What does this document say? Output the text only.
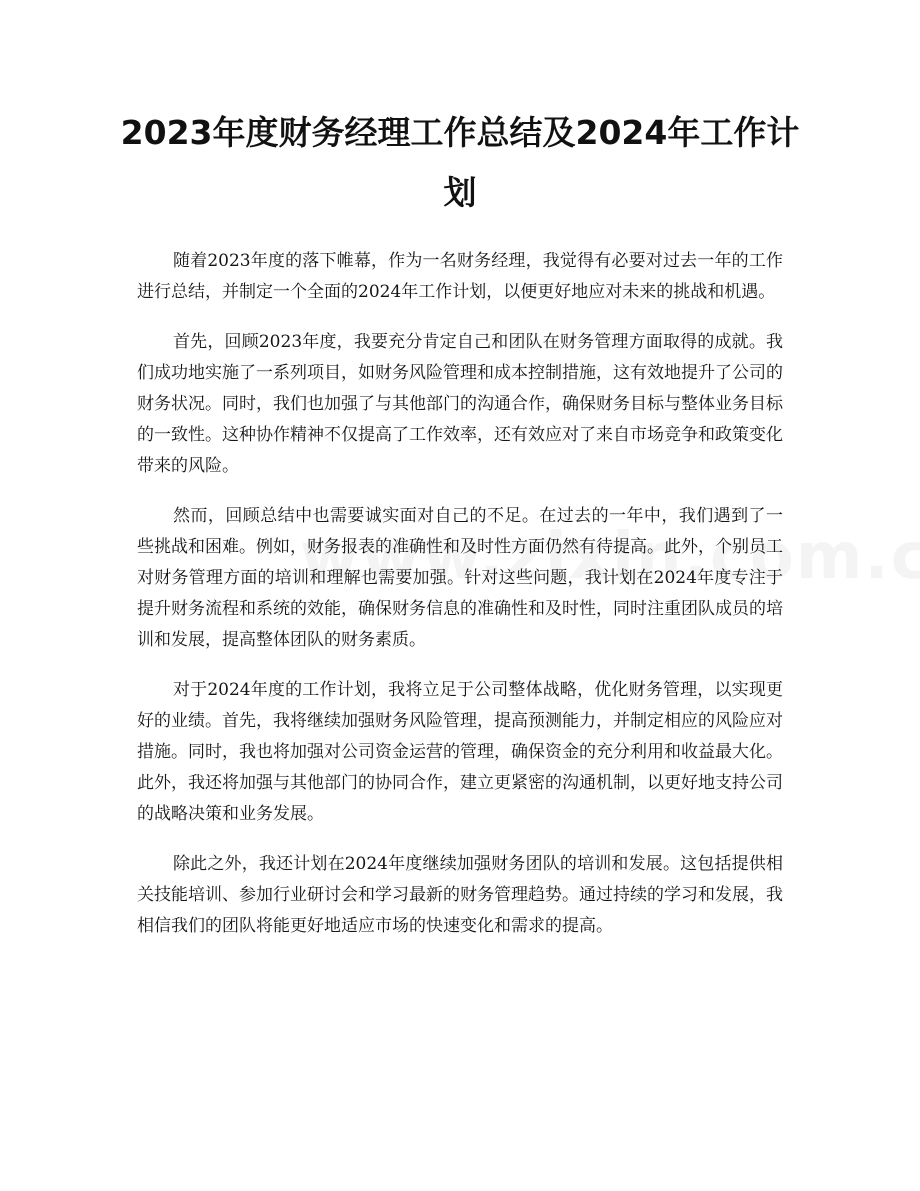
2023年度财务经理工作总结及2024年工作计划

随着2023年度的落下帷幕，作为一名财务经理，我觉得有必要对过去一年的工作进行总结，并制定一个全面的2024年工作计划，以便更好地应对未来的挑战和机遇。

首先，回顾2023年度，我要充分肯定自己和团队在财务管理方面取得的成就。我们成功地实施了一系列项目，如财务风险管理和成本控制措施，这有效地提升了公司的财务状况。同时，我们也加强了与其他部门的沟通合作，确保财务目标与整体业务目标的一致性。这种协作精神不仅提高了工作效率，还有效应对了来自市场竞争和政策变化带来的风险。

然而，回顾总结中也需要诚实面对自己的不足。在过去的一年中，我们遇到了一些挑战和困难。例如，财务报表的准确性和及时性方面仍然有待提高。此外，个别员工对财务管理方面的培训和理解也需要加强。针对这些问题，我计划在2024年度专注于提升财务流程和系统的效能，确保财务信息的准确性和及时性，同时注重团队成员的培训和发展，提高整体团队的财务素质。

对于2024年度的工作计划，我将立足于公司整体战略，优化财务管理，以实现更好的业绩。首先，我将继续加强财务风险管理，提高预测能力，并制定相应的风险应对措施。同时，我也将加强对公司资金运营的管理，确保资金的充分利用和收益最大化。此外，我还将加强与其他部门的协同合作，建立更紧密的沟通机制，以更好地支持公司的战略决策和业务发展。

除此之外，我还计划在2024年度继续加强财务团队的培训和发展。这包括提供相关技能培训、参加行业研讨会和学习最新的财务管理趋势。通过持续的学习和发展，我相信我们的团队将能更好地适应市场的快速变化和需求的提高。
